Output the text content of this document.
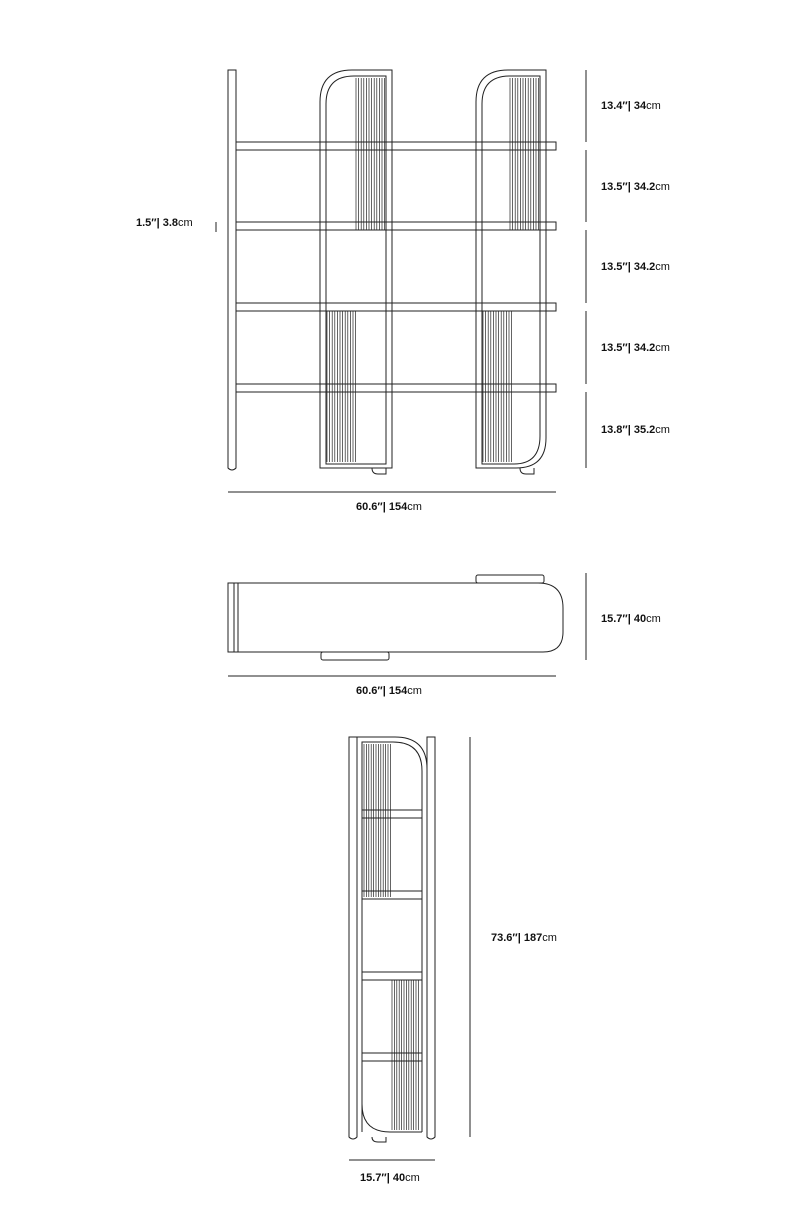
1.5″| 3.8cm
13.4″| 34cm
13.5″| 34.2cm
13.5″| 34.2cm
13.5″| 34.2cm
13.8″| 35.2cm
60.6″| 154cm
15.7″| 40cm
60.6″| 154cm
73.6″| 187cm
15.7″| 40cm
